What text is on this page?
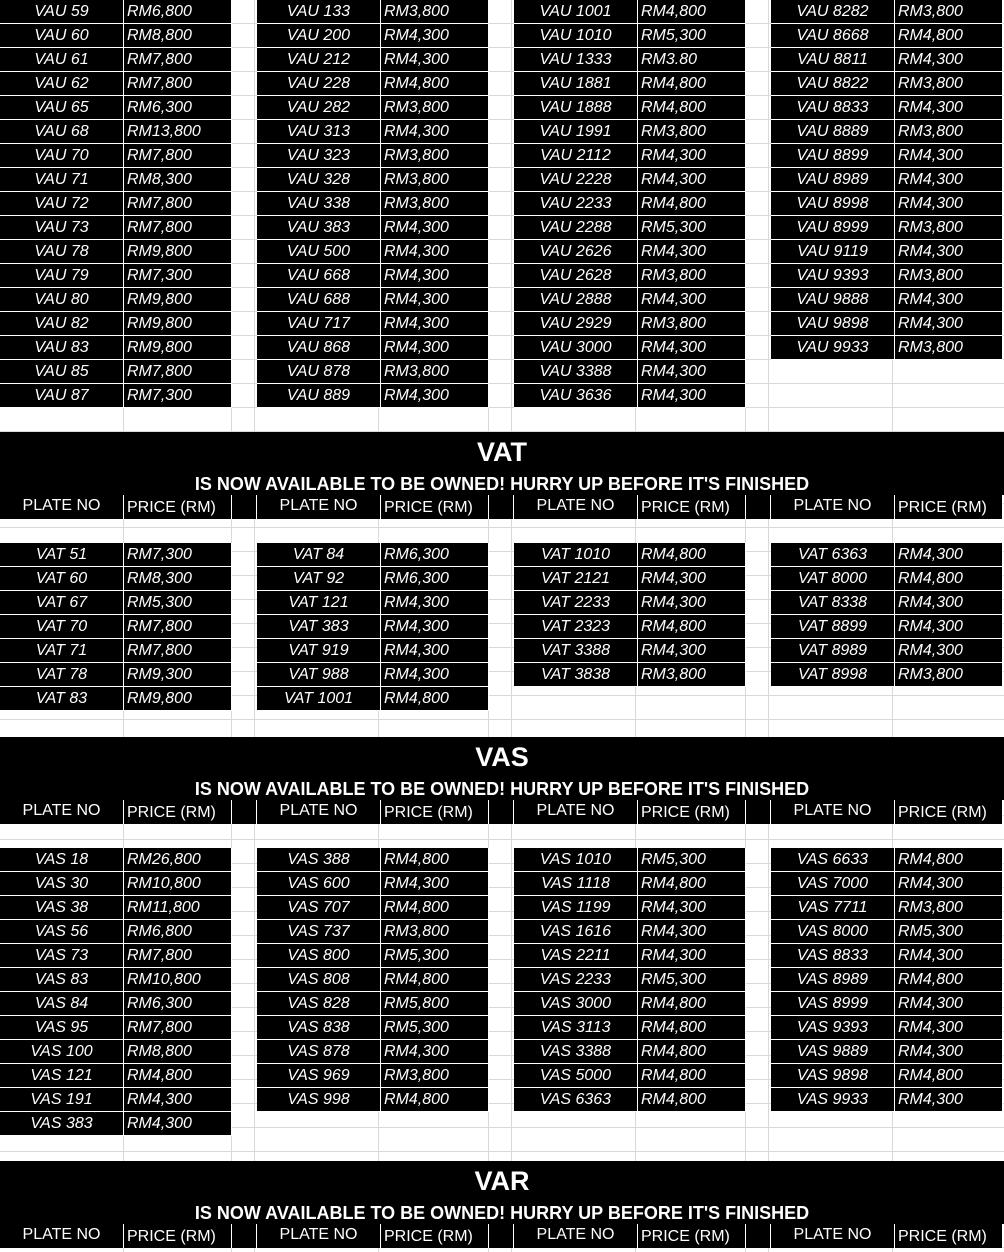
VAU 59	RM6,800
VAU 60	RM8,800
VAU 61	RM7,800
VAU 62	RM7,800
VAU 65	RM6,300
VAU 68	RM13,800
VAU 70	RM7,800
VAU 71	RM8,300
VAU 72	RM7,800
VAU 73	RM7,800
VAU 78	RM9,800
VAU 79	RM7,300
VAU 80	RM9,800
VAU 82	RM9,800
VAU 83	RM9,800
VAU 85	RM7,800
VAU 87	RM7,300
VAU 133	RM3,800
VAU 200	RM4,300
VAU 212	RM4,300
VAU 228	RM4,800
VAU 282	RM3,800
VAU 313	RM4,300
VAU 323	RM3,800
VAU 328	RM3,800
VAU 338	RM3,800
VAU 383	RM4,300
VAU 500	RM4,300
VAU 668	RM4,300
VAU 688	RM4,300
VAU 717	RM4,300
VAU 868	RM4,300
VAU 878	RM3,800
VAU 889	RM4,300
VAU 1001	RM4,800
VAU 1010	RM5,300
VAU 1333	RM3.80
VAU 1881	RM4,800
VAU 1888	RM4,800
VAU 1991	RM3,800
VAU 2112	RM4,300
VAU 2228	RM4,300
VAU 2233	RM4,800
VAU 2288	RM5,300
VAU 2626	RM4,300
VAU 2628	RM3,800
VAU 2888	RM4,300
VAU 2929	RM3,800
VAU 3000	RM4,300
VAU 3388	RM4,300
VAU 3636	RM4,300
VAU 8282	RM3,800
VAU 8668	RM4,800
VAU 8811	RM4,300
VAU 8822	RM3,800
VAU 8833	RM4,300
VAU 8889	RM3,800
VAU 8899	RM4,300
VAU 8989	RM4,300
VAU 8998	RM4,300
VAU 8999	RM3,800
VAU 9119	RM4,300
VAU 9393	RM3,800
VAU 9888	RM4,300
VAU 9898	RM4,300
VAU 9933	RM3,800
VAT
IS NOW AVAILABLE TO BE OWNED! HURRY UP BEFORE IT'S FINISHED
PLATE NO	PRICE (RM)	PLATE NO	PRICE (RM)	PLATE NO	PRICE (RM)	PLATE NO	PRICE (RM)
VAT 51	RM7,300
VAT 60	RM8,300
VAT 67	RM5,300
VAT 70	RM7,800
VAT 71	RM7,800
VAT 78	RM9,300
VAT 83	RM9,800
VAT 84	RM6,300
VAT 92	RM6,300
VAT 121	RM4,300
VAT 383	RM4,300
VAT 919	RM4,300
VAT 988	RM4,300
VAT 1001	RM4,800
VAT 1010	RM4,800
VAT 2121	RM4,300
VAT 2233	RM4,300
VAT 2323	RM4,800
VAT 3388	RM4,300
VAT 3838	RM3,800
VAT 6363	RM4,300
VAT 8000	RM4,800
VAT 8338	RM4,300
VAT 8899	RM4,300
VAT 8989	RM4,300
VAT 8998	RM3,800
VAS
IS NOW AVAILABLE TO BE OWNED! HURRY UP BEFORE IT'S FINISHED
PLATE NO	PRICE (RM)	PLATE NO	PRICE (RM)	PLATE NO	PRICE (RM)	PLATE NO	PRICE (RM)
VAS 18	RM26,800
VAS 30	RM10,800
VAS 38	RM11,800
VAS 56	RM6,800
VAS 73	RM7,800
VAS 83	RM10,800
VAS 84	RM6,300
VAS 95	RM7,800
VAS 100	RM8,800
VAS 121	RM4,800
VAS 191	RM4,300
VAS 383	RM4,300
VAS 388	RM4,800
VAS 600	RM4,300
VAS 707	RM4,800
VAS 737	RM3,800
VAS 800	RM5,300
VAS 808	RM4,800
VAS 828	RM5,800
VAS 838	RM5,300
VAS 878	RM4,300
VAS 969	RM3,800
VAS 998	RM4,800
VAS 1010	RM5,300
VAS 1118	RM4,800
VAS 1199	RM4,300
VAS 1616	RM4,300
VAS 2211	RM4,300
VAS 2233	RM5,300
VAS 3000	RM4,800
VAS 3113	RM4,800
VAS 3388	RM4,800
VAS 5000	RM4,800
VAS 6363	RM4,800
VAS 6633	RM4,800
VAS 7000	RM4,300
VAS 7711	RM3,800
VAS 8000	RM5,300
VAS 8833	RM4,300
VAS 8989	RM4,800
VAS 8999	RM4,300
VAS 9393	RM4,300
VAS 9889	RM4,300
VAS 9898	RM4,800
VAS 9933	RM4,300
VAR
IS NOW AVAILABLE TO BE OWNED! HURRY UP BEFORE IT'S FINISHED
PLATE NO	PRICE (RM)	PLATE NO	PRICE (RM)	PLATE NO	PRICE (RM)	PLATE NO	PRICE (RM)
